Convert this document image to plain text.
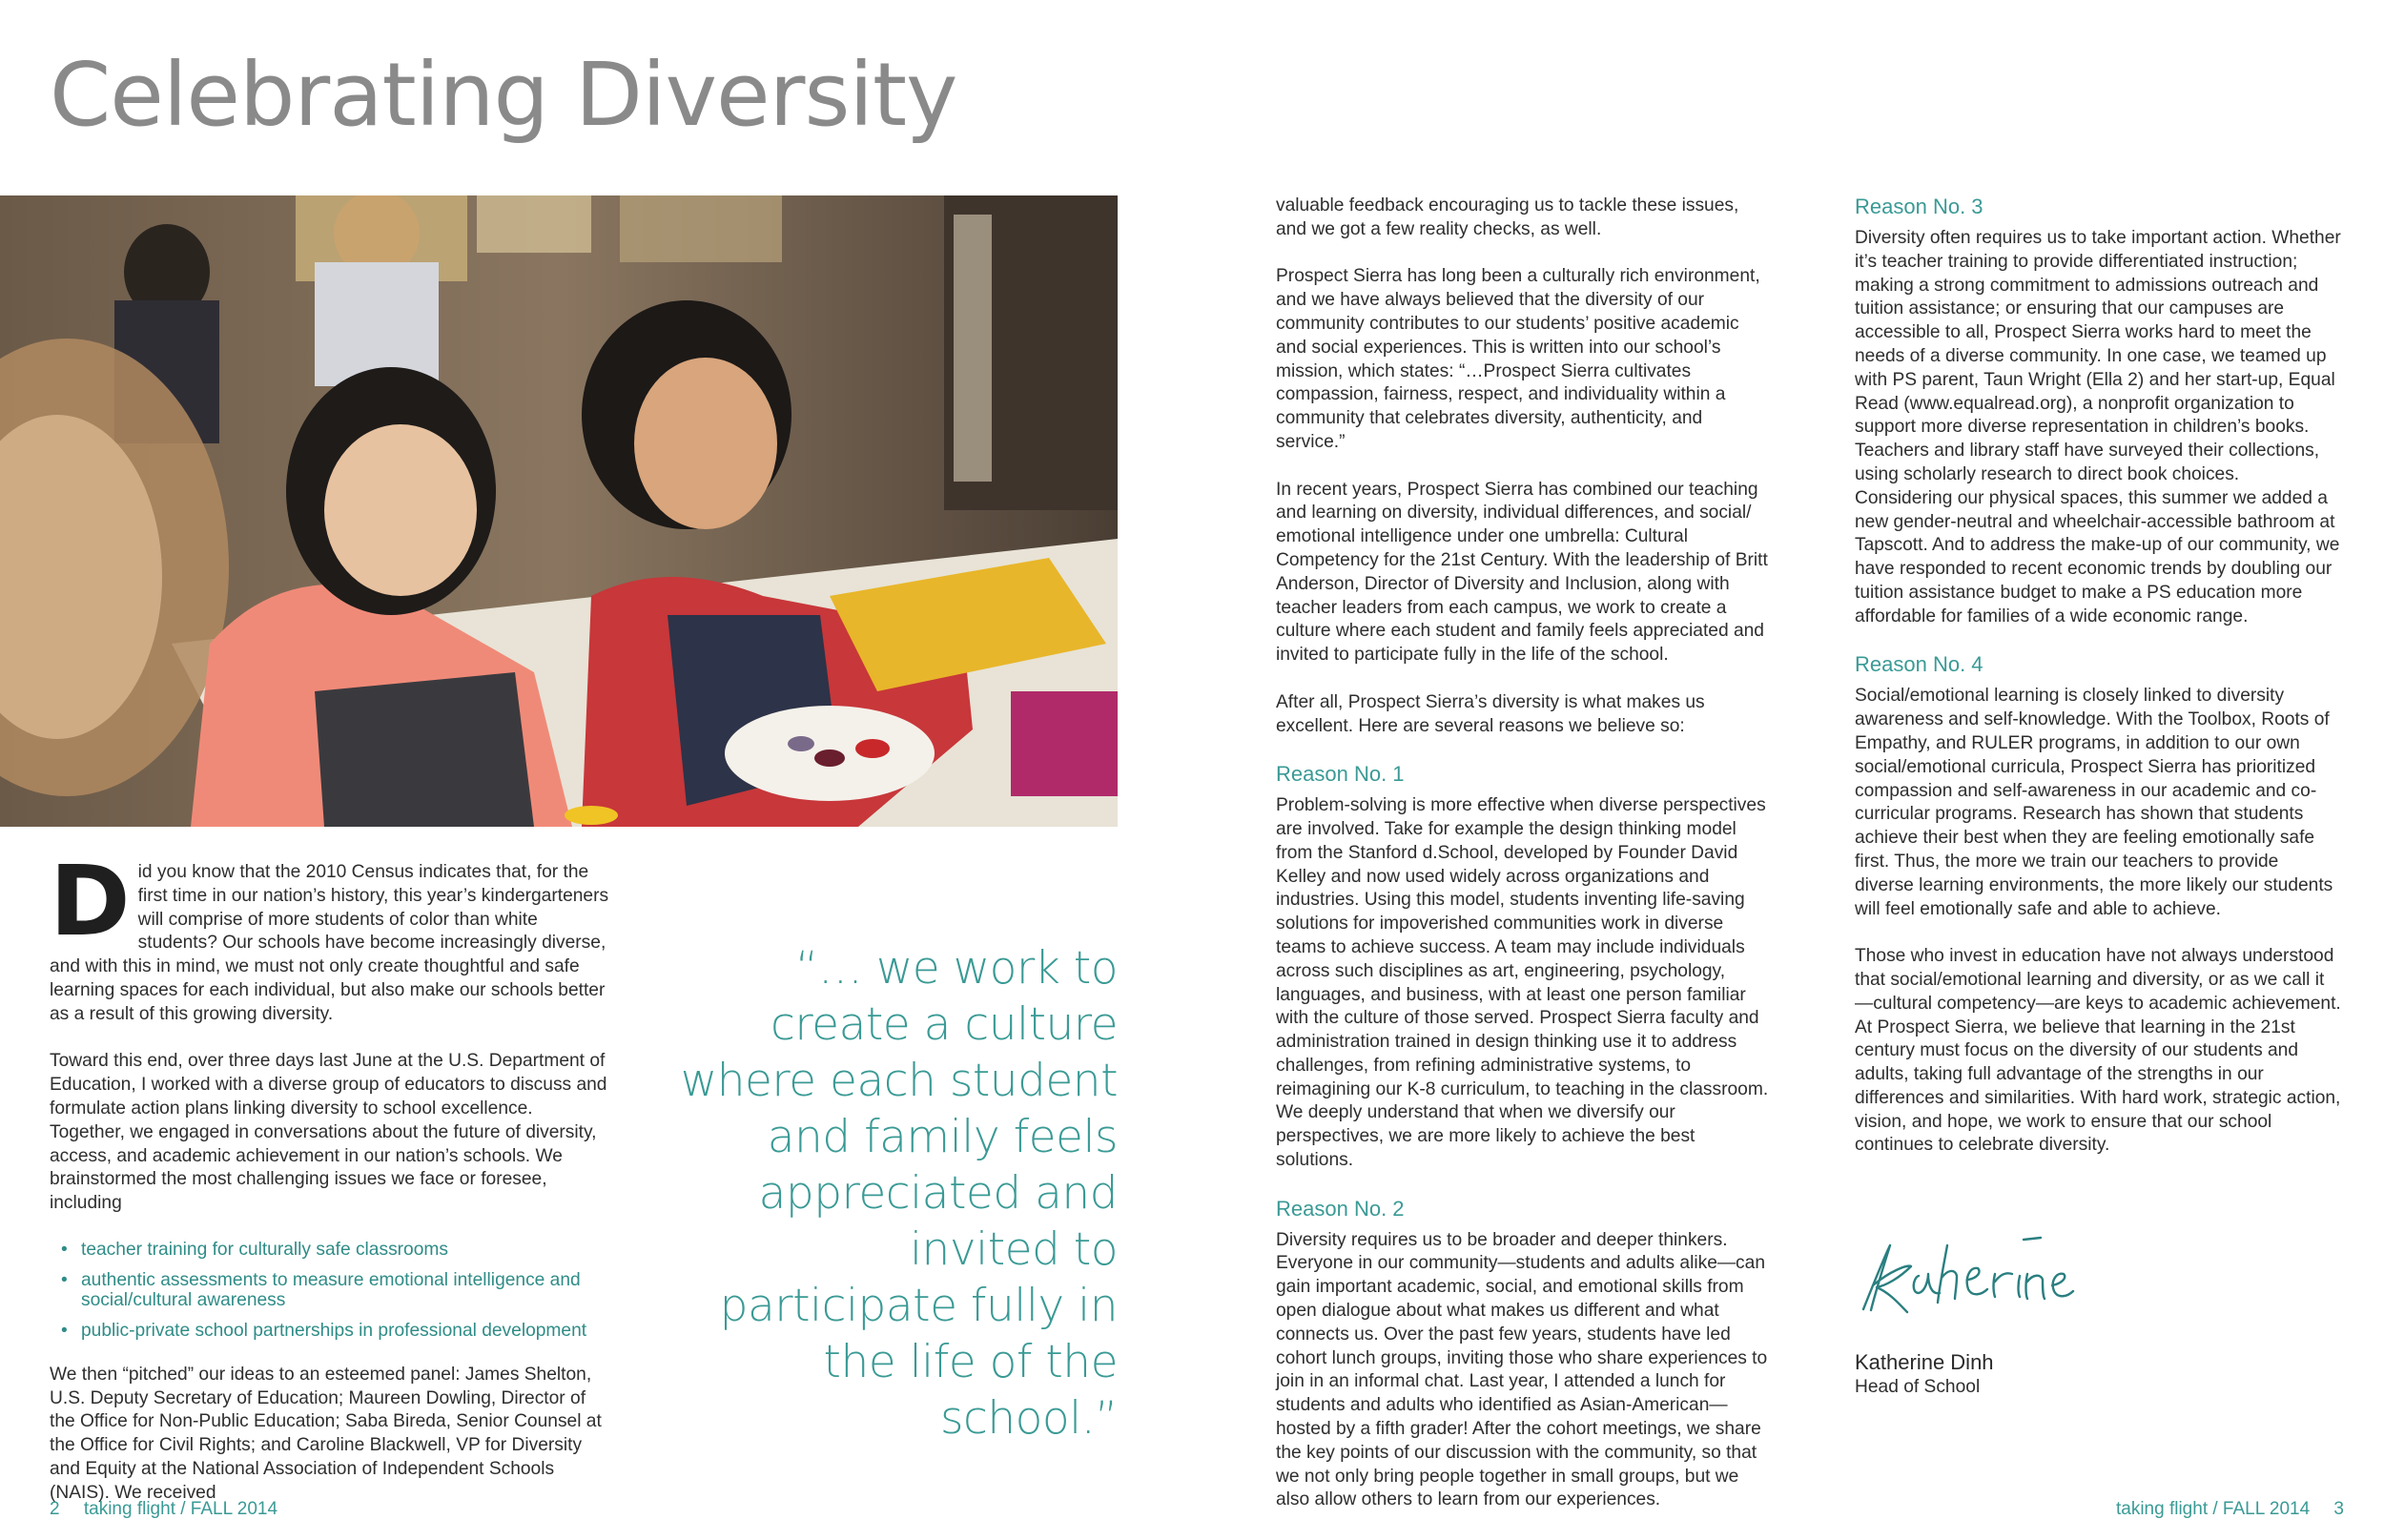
Celebrating Diversity
D id you know that the 2010 Census indicates that, for the first time in our nation’s history, this year’s kindergarteners will comprise of more students of color than white students? Our schools have become increasingly diverse, and with this in mind, we must not only create thoughtful and safe learning spaces for each individual, but also make our schools better as a result of this growing diversity.

Toward this end, over three days last June at the U.S. Department of Education, I worked with a diverse group of educators to discuss and formulate action plans linking diversity to school excellence. Together, we engaged in conversations about the future of diversity, access, and academic achievement in our nation’s schools. We brainstormed the most challenging issues we face or foresee, including

• teacher training for culturally safe classrooms
• authentic assessments to measure emotional intelligence and social/cultural awareness
• public-private school partnerships in professional development

We then “pitched” our ideas to an esteemed panel: James Shelton, U.S. Deputy Secretary of Education; Maureen Dowling, Director of the Office for Non-Public Education; Saba Bireda, Senior Counsel at the Office for Civil Rights; and Caroline Blackwell, VP for Diversity and Equity at the National Association of Independent Schools (NAIS). We received

“… we work to create a culture where each student and family feels appreciated and invited to participate fully in the life of the school.”

valuable feedback encouraging us to tackle these issues, and we got a few reality checks, as well.

Prospect Sierra has long been a culturally rich environment, and we have always believed that the diversity of our community contributes to our students’ positive academic and social experiences. This is written into our school’s mission, which states: “…Prospect Sierra cultivates compassion, fairness, respect, and individuality within a community that celebrates diversity, authenticity, and service.”

In recent years, Prospect Sierra has combined our teaching and learning on diversity, individual differences, and social/ emotional intelligence under one umbrella: Cultural Competency for the 21st Century. With the leadership of Britt Anderson, Director of Diversity and Inclusion, along with teacher leaders from each campus, we work to create a culture where each student and family feels appreciated and invited to participate fully in the life of the school.

After all, Prospect Sierra’s diversity is what makes us excellent. Here are several reasons we believe so:

Reason No. 1

Problem-solving is more effective when diverse perspectives are involved. Take for example the design thinking model from the Stanford d.School, developed by Founder David Kelley and now used widely across organizations and industries. Using this model, students inventing life-saving solutions for impoverished communities work in diverse teams to achieve success. A team may include individuals across such disciplines as art, engineering, psychology, languages, and business, with at least one person familiar with the culture of those served. Prospect Sierra faculty and administration trained in design thinking use it to address challenges, from refining administrative systems, to reimagining our K-8 curriculum, to teaching in the classroom. We deeply understand that when we diversify our perspectives, we are more likely to achieve the best solutions.

Reason No. 2

Diversity requires us to be broader and deeper thinkers. Everyone in our community—students and adults alike—can gain important academic, social, and emotional skills from open dialogue about what makes us different and what connects us. Over the past few years, students have led cohort lunch groups, inviting those who share experiences to join in an informal chat. Last year, I attended a lunch for students and adults who identified as Asian-American—hosted by a fifth grader! After the cohort meetings, we share the key points of our discussion with the community, so that we not only bring people together in small groups, but we also allow others to learn from our experiences.

Reason No. 3

Diversity often requires us to take important action. Whether it’s teacher training to provide differentiated instruction; making a strong commitment to admissions outreach and tuition assistance; or ensuring that our campuses are accessible to all, Prospect Sierra works hard to meet the needs of a diverse community. In one case, we teamed up with PS parent, Taun Wright (Ella 2) and her start-up, Equal Read (www.equalread.org), a nonprofit organization to support more diverse representation in children’s books. Teachers and library staff have surveyed their collections, using scholarly research to direct book choices. Considering our physical spaces, this summer we added a new gender-neutral and wheelchair-accessible bathroom at Tapscott. And to address the make-up of our community, we have responded to recent economic trends by doubling our tuition assistance budget to make a PS education more affordable for families of a wide economic range.

Reason No. 4

Social/emotional learning is closely linked to diversity awareness and self-knowledge. With the Toolbox, Roots of Empathy, and RULER programs, in addition to our own social/emotional curricula, Prospect Sierra has prioritized compassion and self-awareness in our academic and co-curricular programs. Research has shown that students achieve their best when they are feeling emotionally safe first. Thus, the more we train our teachers to provide diverse learning environments, the more likely our students will feel emotionally safe and able to achieve.

Those who invest in education have not always understood that social/emotional learning and diversity, or as we call it—cultural competency—are keys to academic achievement. At Prospect Sierra, we believe that learning in the 21st century must focus on the diversity of our students and adults, taking full advantage of the strengths in our differences and similarities. With hard work, strategic action, vision, and hope, we work to ensure that our school continues to celebrate diversity.

Katherine Dinh
Head of School
2 taking flight / FALL 2014	taking flight / FALL 2014 3
